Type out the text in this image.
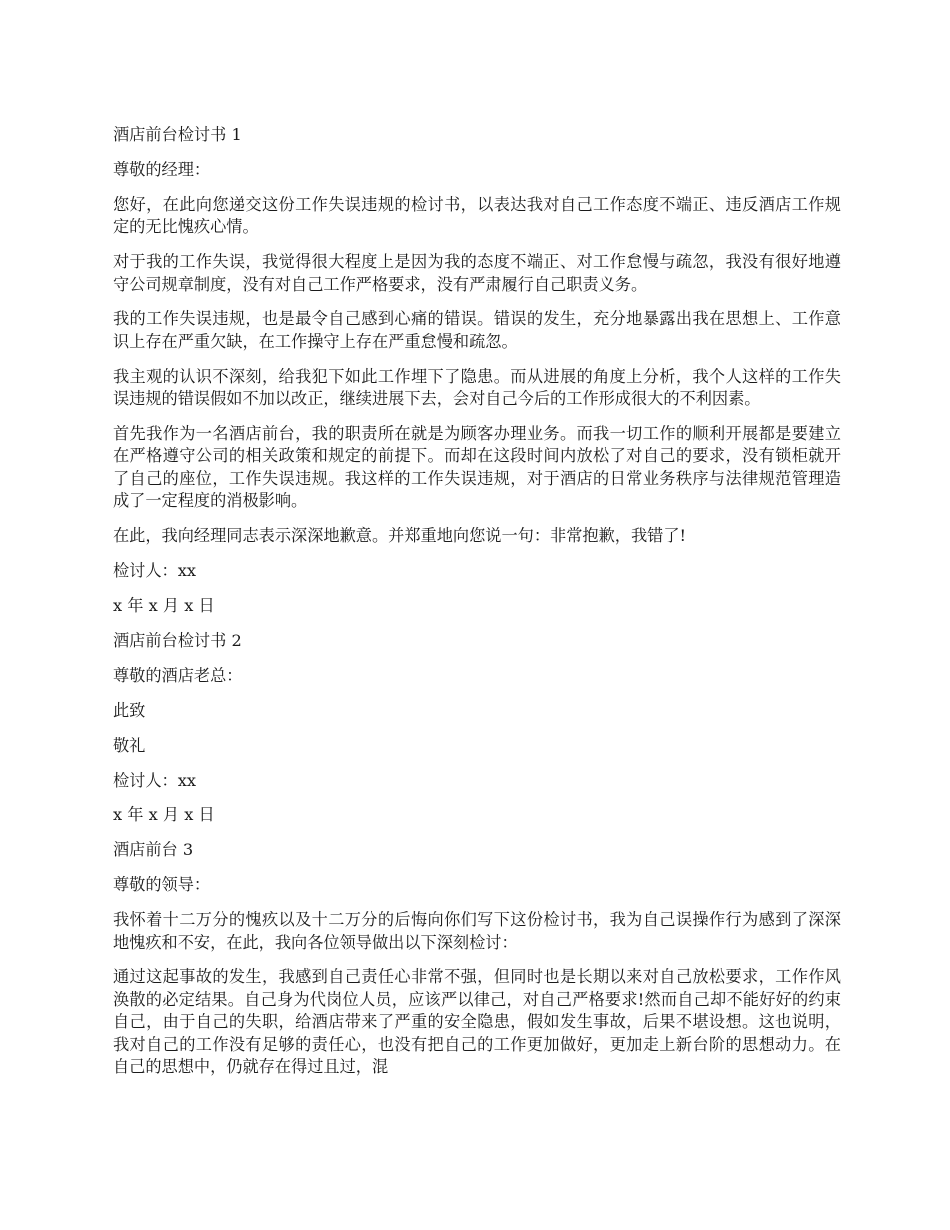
酒店前台检讨书 1

尊敬的经理：

您好，在此向您递交这份工作失误违规的检讨书，以表达我对自己工作态度不端正、违反酒店工作规定的无比愧疚心情。

对于我的工作失误，我觉得很大程度上是因为我的态度不端正、对工作怠慢与疏忽，我没有很好地遵守公司规章制度，没有对自己工作严格要求，没有严肃履行自己职责义务。

我的工作失误违规，也是最令自己感到心痛的错误。错误的发生，充分地暴露出我在思想上、工作意识上存在严重欠缺，在工作操守上存在严重怠慢和疏忽。

我主观的认识不深刻，给我犯下如此工作埋下了隐患。而从进展的角度上分析，我个人这样的工作失误违规的错误假如不加以改正，继续进展下去，会对自己今后的工作形成很大的不利因素。

首先我作为一名酒店前台，我的职责所在就是为顾客办理业务。而我一切工作的顺利开展都是要建立在严格遵守公司的相关政策和规定的前提下。而却在这段时间内放松了对自己的要求，没有锁柜就开了自己的座位，工作失误违规。我这样的工作失误违规，对于酒店的日常业务秩序与法律规范管理造成了一定程度的消极影响。

在此，我向经理同志表示深深地歉意。并郑重地向您说一句：非常抱歉，我错了!

检讨人：xx

x 年 x 月 x 日

酒店前台检讨书 2

尊敬的酒店老总：

此致

敬礼

检讨人：xx

x 年 x 月 x 日

酒店前台 3

尊敬的领导：

我怀着十二万分的愧疚以及十二万分的后悔向你们写下这份检讨书，我为自己误操作行为感到了深深地愧疚和不安，在此，我向各位领导做出以下深刻检讨：

通过这起事故的发生，我感到自己责任心非常不强，但同时也是长期以来对自己放松要求，工作作风涣散的必定结果。自己身为代岗位人员，应该严以律己，对自己严格要求!然而自己却不能好好的约束自己，由于自己的失职，给酒店带来了严重的安全隐患，假如发生事故，后果不堪设想。这也说明，我对自己的工作没有足够的责任心，也没有把自己的工作更加做好，更加走上新台阶的思想动力。在自己的思想中，仍就存在得过且过，混
